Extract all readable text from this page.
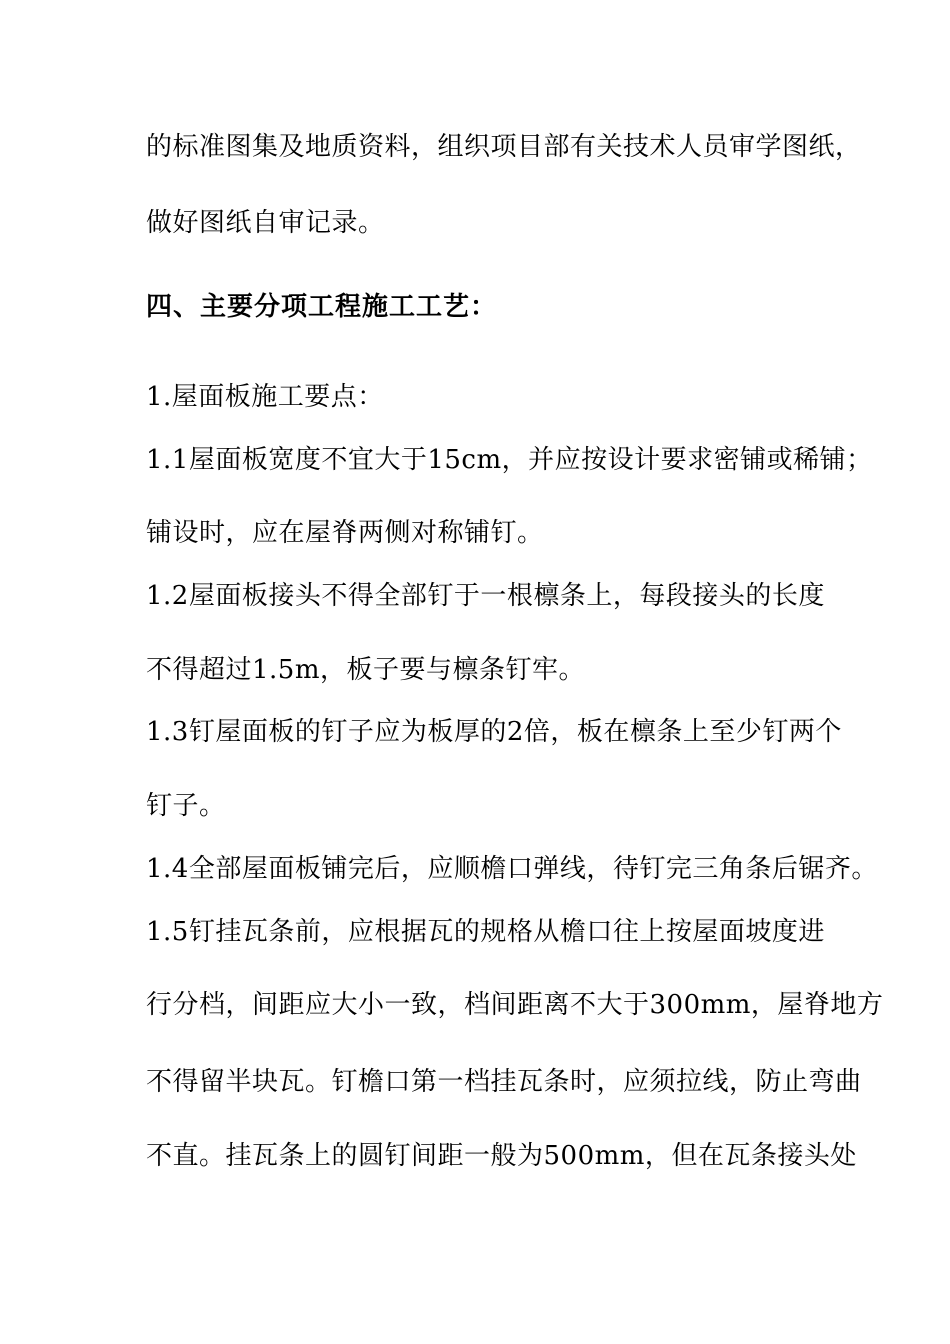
的标准图集及地质资料，组织项目部有关技术人员审学图纸，
做好图纸自审记录。
四、主要分项工程施工工艺：
1.屋面板施工要点：
1.1屋面板宽度不宜大于15cm，并应按设计要求密铺或稀铺；
铺设时，应在屋脊两侧对称铺钉。
1.2屋面板接头不得全部钉于一根檩条上，每段接头的长度
不得超过1.5m，板子要与檩条钉牢。
1.3钉屋面板的钉子应为板厚的2倍，板在檩条上至少钉两个
钉子。
1.4全部屋面板铺完后，应顺檐口弹线，待钉完三角条后锯齐。
1.5钉挂瓦条前，应根据瓦的规格从檐口往上按屋面坡度进
行分档，间距应大小一致，档间距离不大于300mm，屋脊地方
不得留半块瓦。钉檐口第一档挂瓦条时，应须拉线，防止弯曲
不直。挂瓦条上的圆钉间距一般为500mm，但在瓦条接头处
